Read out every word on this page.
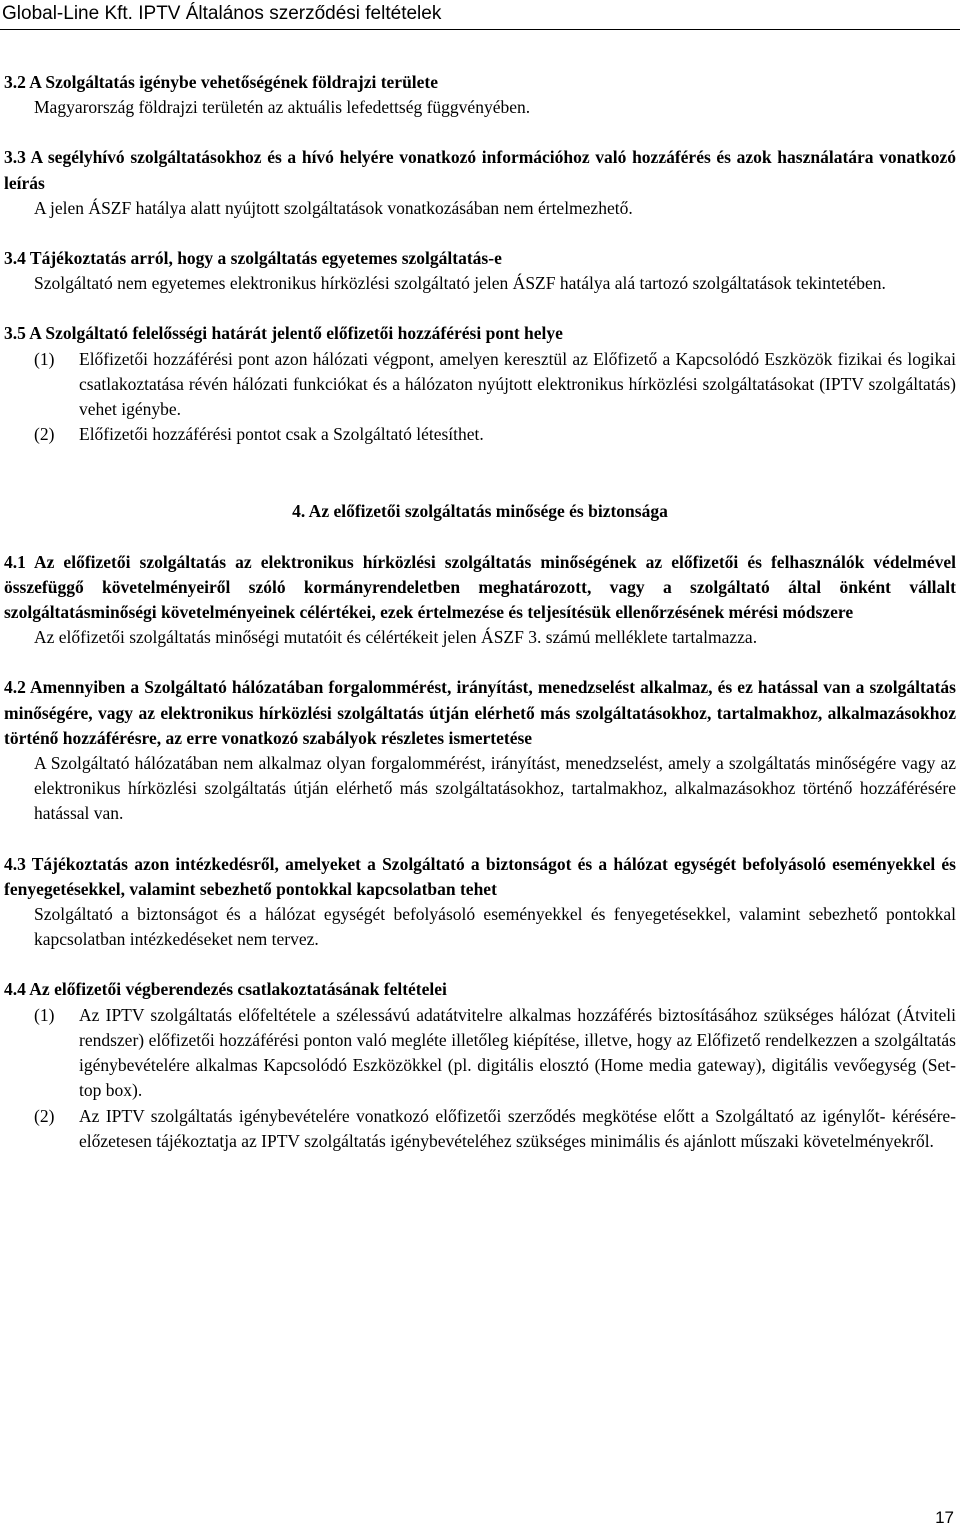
Global-Line Kft. IPTV Általános szerződési feltételek
3.2 A Szolgáltatás igénybe vehetőségének földrajzi területe
Magyarország földrajzi területén az aktuális lefedettség függvényében.
3.3 A segélyhívó szolgáltatásokhoz és a hívó helyére vonatkozó információhoz való hozzáférés és azok használatára vonatkozó leírás
A jelen ÁSZF hatálya alatt nyújtott szolgáltatások vonatkozásában nem értelmezhető.
3.4 Tájékoztatás arról, hogy a szolgáltatás egyetemes szolgáltatás-e
Szolgáltató nem egyetemes elektronikus hírközlési szolgáltató jelen ÁSZF hatálya alá tartozó szolgáltatások tekintetében.
3.5 A Szolgáltató felelősségi határát jelentő előfizetői hozzáférési pont helye
(1)	Előfizetői hozzáférési pont azon hálózati végpont, amelyen keresztül az Előfizető a Kapcsolódó Eszközök fizikai és logikai csatlakoztatása révén hálózati funkciókat és a hálózaton nyújtott elektronikus hírközlési szolgáltatásokat (IPTV szolgáltatás) vehet igénybe.
(2)	Előfizetői hozzáférési pontot csak a Szolgáltató létesíthet.
4. Az előfizetői szolgáltatás minősége és biztonsága
4.1 Az előfizetői szolgáltatás az elektronikus hírközlési szolgáltatás minőségének az előfizetői és felhasználók védelmével összefüggő követelményeiről szóló kormányrendeletben meghatározott, vagy a szolgáltató által önként vállalt szolgáltatásminőségi követelményeinek célértékei, ezek értelmezése és teljesítésük ellenőrzésének mérési módszere
Az előfizetői szolgáltatás minőségi mutatóit és célértékeit jelen ÁSZF 3. számú melléklete tartalmazza.
4.2 Amennyiben a Szolgáltató hálózatában forgalommérést, irányítást, menedzselést alkalmaz, és ez hatással van a szolgáltatás minőségére, vagy az elektronikus hírközlési szolgáltatás útján elérhető más szolgáltatásokhoz, tartalmakhoz, alkalmazásokhoz történő hozzáférésre, az erre vonatkozó szabályok részletes ismertetése
A Szolgáltató hálózatában nem alkalmaz olyan forgalommérést, irányítást, menedzselést, amely a szolgáltatás minőségére vagy az elektronikus hírközlési szolgáltatás útján elérhető más szolgáltatásokhoz, tartalmakhoz, alkalmazásokhoz történő hozzáférésére hatással van.
4.3 Tájékoztatás azon intézkedésről, amelyeket a Szolgáltató a biztonságot és a hálózat egységét befolyásoló eseményekkel és fenyegetésekkel, valamint sebezhető pontokkal kapcsolatban tehet
Szolgáltató a biztonságot és a hálózat egységét befolyásoló eseményekkel és fenyegetésekkel, valamint sebezhető pontokkal kapcsolatban intézkedéseket nem tervez.
4.4 Az előfizetői végberendezés csatlakoztatásának feltételei
(1)	Az IPTV szolgáltatás előfeltétele a szélessávú adatátvitelre alkalmas hozzáférés biztosításához szükséges hálózat (Átviteli rendszer) előfizetői hozzáférési ponton való megléte illetőleg kiépítése, illetve, hogy az Előfizető rendelkezzen a szolgáltatás igénybevételére alkalmas Kapcsolódó Eszközökkel (pl. digitális elosztó (Home media gateway), digitális vevőegység (Set-top box).
(2)	Az IPTV szolgáltatás igénybevételére vonatkozó előfizetői szerződés megkötése előtt a Szolgáltató az igénylőt- kérésére-előzetesen tájékoztatja az IPTV szolgáltatás igénybevételéhez szükséges minimális és ajánlott műszaki követelményekről.
17
